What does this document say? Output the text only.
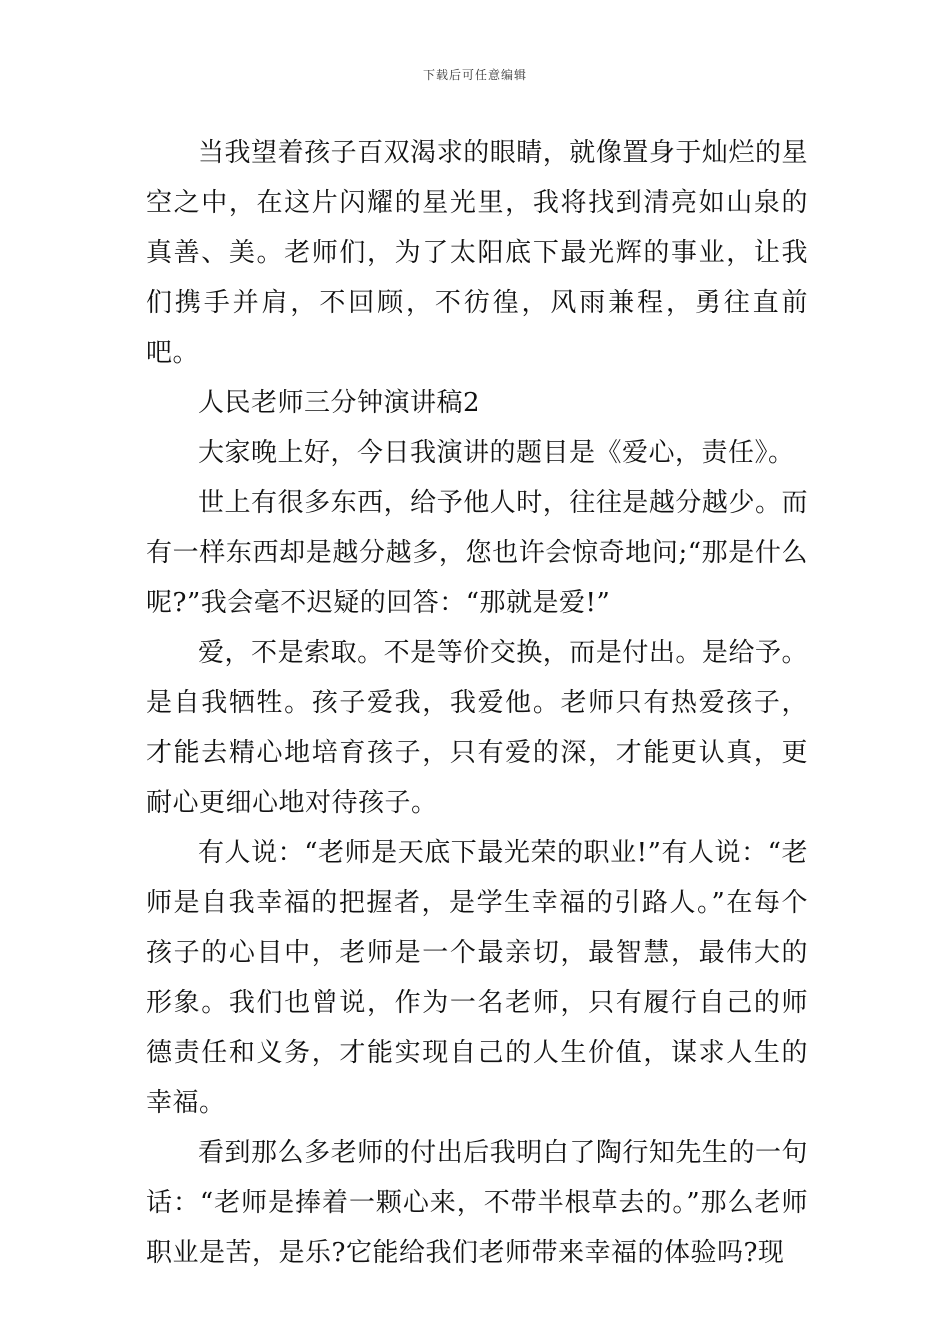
下载后可任意编辑

当我望着孩子百双渴求的眼睛，就像置身于灿烂的星空之中，在这片闪耀的星光里，我将找到清亮如山泉的真善、美。老师们，为了太阳底下最光辉的事业，让我们携手并肩，不回顾，不彷徨，风雨兼程，勇往直前吧。

人民老师三分钟演讲稿2

大家晚上好，今日我演讲的题目是《爱心，责任》。

世上有很多东西，给予他人时，往往是越分越少。而有一样东西却是越分越多，您也许会惊奇地问;“那是什么呢?”我会毫不迟疑的回答：“那就是爱!”

爱，不是索取。不是等价交换，而是付出。是给予。是自我牺牲。孩子爱我，我爱他。老师只有热爱孩子，才能去精心地培育孩子，只有爱的深，才能更认真，更耐心更细心地对待孩子。

有人说：“老师是天底下最光荣的职业!”有人说：“老师是自我幸福的把握者，是学生幸福的引路人。”在每个孩子的心目中，老师是一个最亲切，最智慧，最伟大的形象。我们也曾说，作为一名老师，只有履行自己的师德责任和义务，才能实现自己的人生价值，谋求人生的幸福。

看到那么多老师的付出后我明白了陶行知先生的一句话：“老师是捧着一颗心来，不带半根草去的。”那么老师职业是苦，是乐?它能给我们老师带来幸福的体验吗?现
